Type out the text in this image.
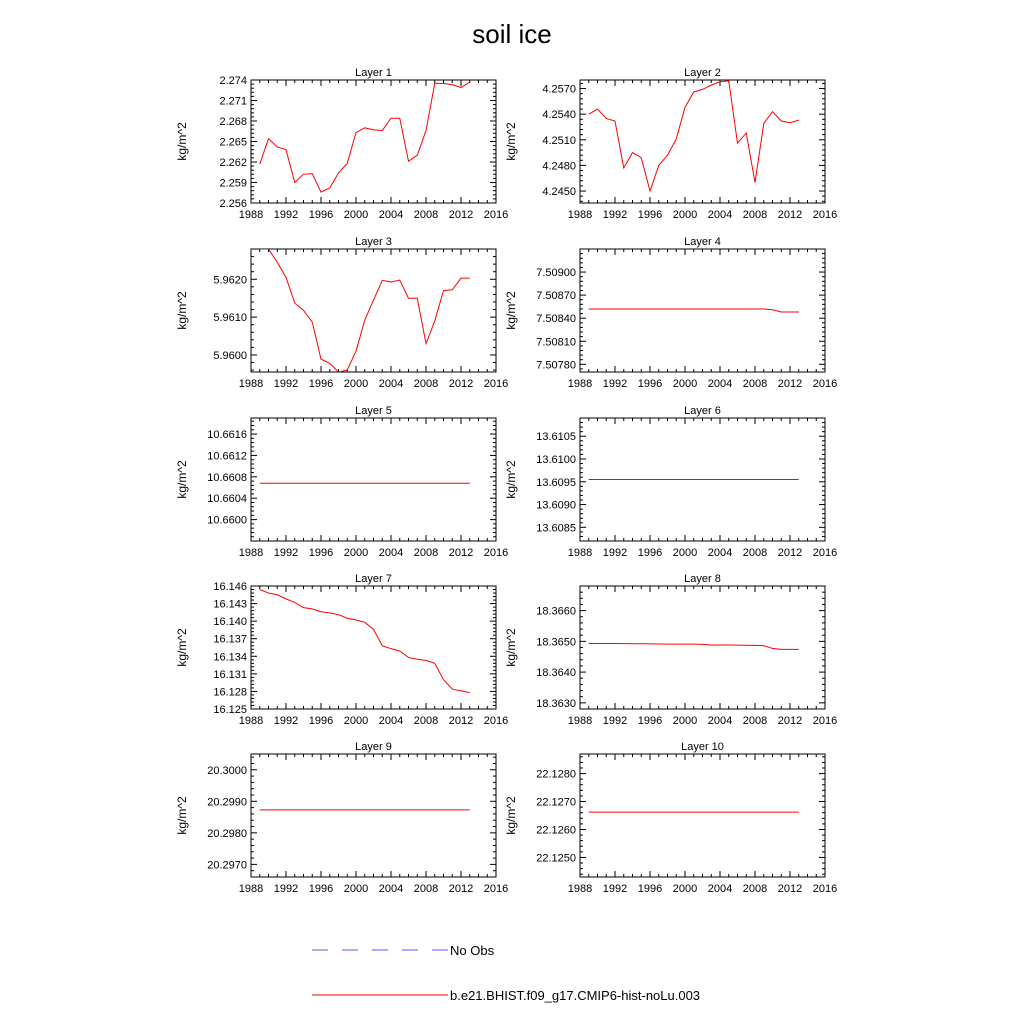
soil ice
Layer 1
kg/m^2
1988 1992 1996 2000 2004 2008 2012 2016
2.256
2.259
2.262
2.265
2.268
2.271
2.274
Layer 2
kg/m^2
1988 1992 1996 2000 2004 2008 2012 2016
4.2450
4.2480
4.2510
4.2540
4.2570
Layer 3
kg/m^2
1988 1992 1996 2000 2004 2008 2012 2016
5.9600
5.9610
5.9620
Layer 4
kg/m^2
1988 1992 1996 2000 2004 2008 2012 2016
7.50780
7.50810
7.50840
7.50870
7.50900
Layer 5
kg/m^2
1988 1992 1996 2000 2004 2008 2012 2016
10.6600
10.6604
10.6608
10.6612
10.6616
Layer 6
kg/m^2
1988 1992 1996 2000 2004 2008 2012 2016
13.6085
13.6090
13.6095
13.6100
13.6105
Layer 7
kg/m^2
1988 1992 1996 2000 2004 2008 2012 2016
16.125
16.128
16.131
16.134
16.137
16.140
16.143
16.146
Layer 8
kg/m^2
1988 1992 1996 2000 2004 2008 2012 2016
18.3630
18.3640
18.3650
18.3660
Layer 9
kg/m^2
1988 1992 1996 2000 2004 2008 2012 2016
20.2970
20.2980
20.2990
20.3000
Layer 10
kg/m^2
1988 1992 1996 2000 2004 2008 2012 2016
22.1250
22.1260
22.1270
22.1280
No Obs
b.e21.BHIST.f09_g17.CMIP6-hist-noLu.003
